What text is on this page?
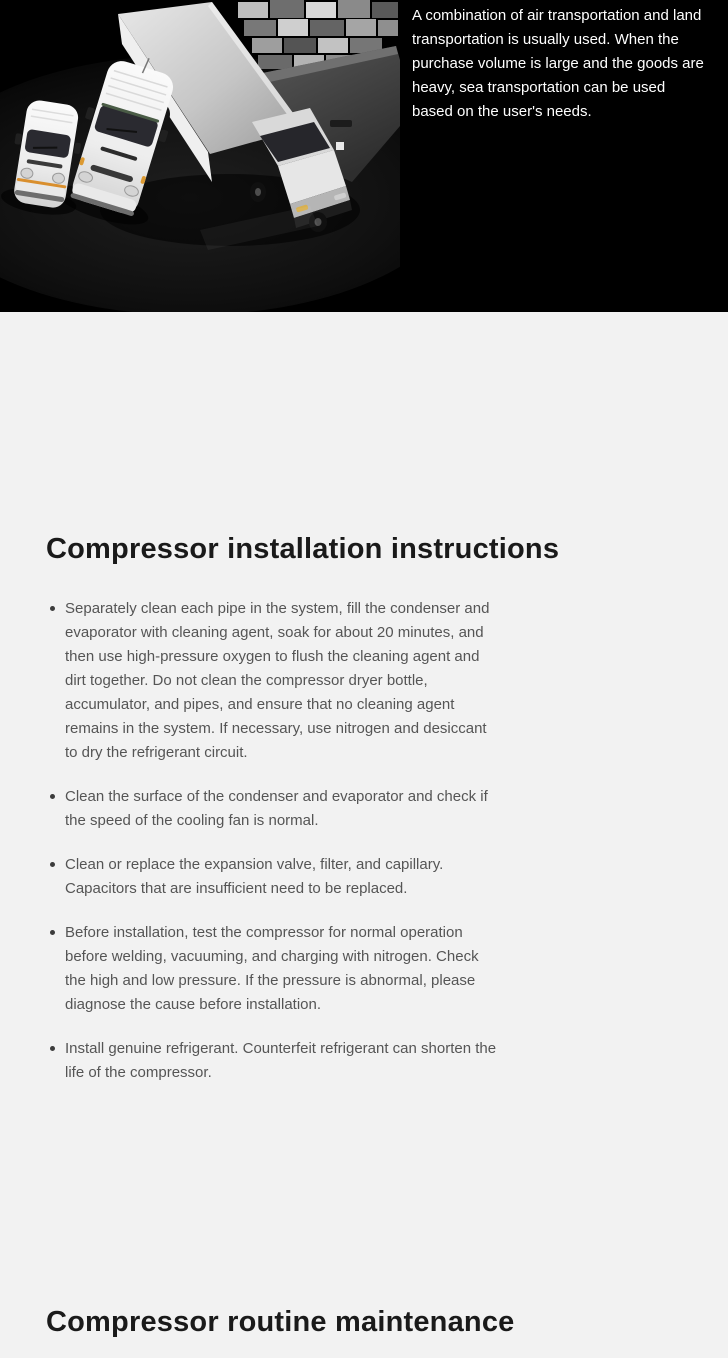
A combination of air transportation and land transportation is usually used. When the purchase volume is large and the goods are heavy, sea transportation can be used based on the user's needs.

Compressor installation instructions
Separately clean each pipe in the system, fill the condenser and evaporator with cleaning agent, soak for about 20 minutes, and then use high-pressure oxygen to flush the cleaning agent and dirt together. Do not clean the compressor dryer bottle, accumulator, and pipes, and ensure that no cleaning agent remains in the system. If necessary, use nitrogen and desiccant to dry the refrigerant circuit.
Clean the surface of the condenser and evaporator and check if the speed of the cooling fan is normal.
Clean or replace the expansion valve, filter, and capillary. Capacitors that are insufficient need to be replaced.
Before installation, test the compressor for normal operation before welding, vacuuming, and charging with nitrogen. Check the high and low pressure. If the pressure is abnormal, please diagnose the cause before installation.
Install genuine refrigerant. Counterfeit refrigerant can shorten the life of the compressor.
Compressor routine maintenance
